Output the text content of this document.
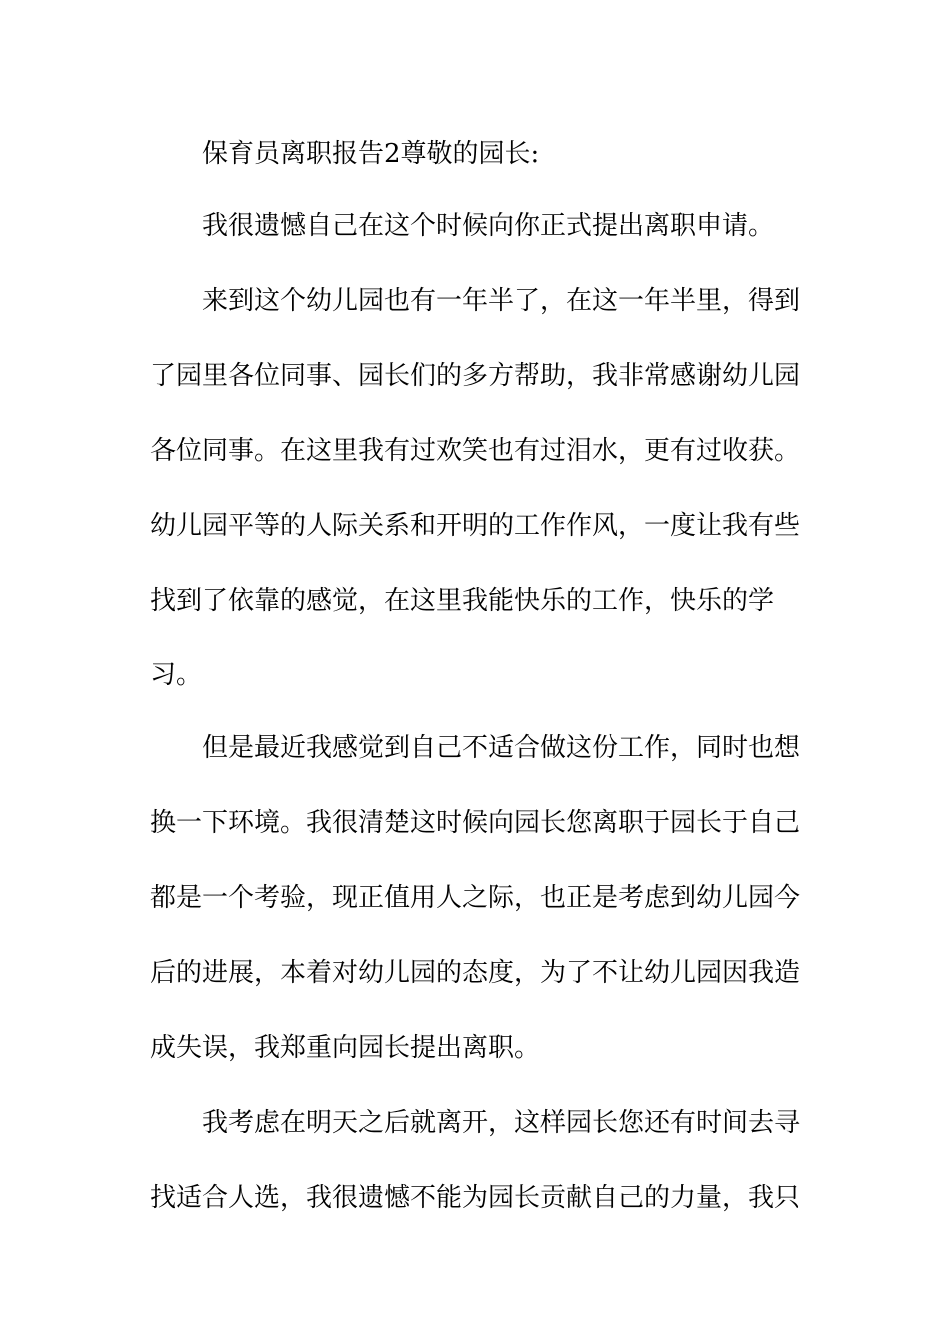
保育员离职报告2尊敬的园长:
我很遗憾自己在这个时候向你正式提出离职申请。
来到这个幼儿园也有一年半了，在这一年半里，得到
了园里各位同事、园长们的多方帮助，我非常感谢幼儿园
各位同事。在这里我有过欢笑也有过泪水，更有过收获。
幼儿园平等的人际关系和开明的工作作风，一度让我有些
找到了依靠的感觉，在这里我能快乐的工作，快乐的学
习。
但是最近我感觉到自己不适合做这份工作，同时也想
换一下环境。我很清楚这时候向园长您离职于园长于自己
都是一个考验，现正值用人之际，也正是考虑到幼儿园今
后的进展，本着对幼儿园的态度，为了不让幼儿园因我造
成失误，我郑重向园长提出离职。
我考虑在明天之后就离开，这样园长您还有时间去寻
找适合人选，我很遗憾不能为园长贡献自己的力量，我只
